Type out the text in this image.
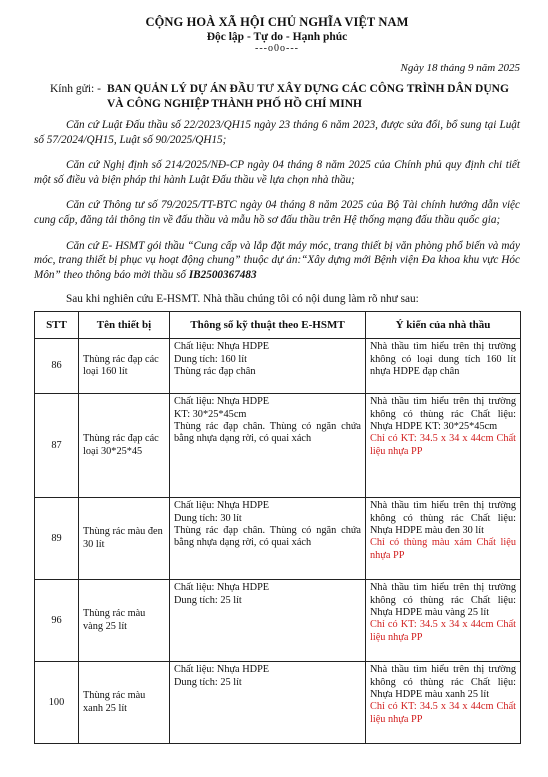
CỘNG HOÀ XÃ HỘI CHỦ NGHĨA VIỆT NAM
Độc lập - Tự do - Hạnh phúc
---o0o---
Ngày 18 tháng 9 năm 2025
Kính gửi: - BAN QUẢN LÝ DỰ ÁN ĐẦU TƯ XÂY DỰNG CÁC CÔNG TRÌNH DÂN DỤNG VÀ CÔNG NGHIỆP THÀNH PHỐ HỒ CHÍ MINH

Căn cứ Luật Đấu thầu số 22/2023/QH15 ngày 23 tháng 6 năm 2023, được sửa đổi, bổ sung tại Luật số 57/2024/QH15, Luật số 90/2025/QH15;

Căn cứ Nghị định số 214/2025/NĐ-CP ngày 04 tháng 8 năm 2025 của Chính phủ quy định chi tiết một số điều và biện pháp thi hành Luật Đấu thầu về lựa chọn nhà thầu;

Căn cứ Thông tư số 79/2025/TT-BTC ngày 04 tháng 8 năm 2025 của Bộ Tài chính hướng dẫn việc cung cấp, đăng tải thông tin về đấu thầu và mẫu hồ sơ đấu thầu trên Hệ thống mạng đấu thầu quốc gia;

Căn cứ E- HSMT gói thầu “Cung cấp và lắp đặt máy móc, trang thiết bị văn phòng phổ biến và máy móc, trang thiết bị phục vụ hoạt động chung” thuộc dự án:“Xây dựng mới Bệnh viện Đa khoa khu vực Hóc Môn” theo thông báo mời thầu số IB2500367483

Sau khi nghiên cứu E-HSMT. Nhà thầu chúng tôi có nội dung làm rõ như sau:
STT	Tên thiết bị	Thông số kỹ thuật theo E-HSMT	Ý kiến của nhà thầu
86	Thùng rác đạp các loại 160 lít	Chất liệu: Nhựa HDPE
Dung tích: 160 lít
Thùng rác đạp chân	Nhà thầu tìm hiểu trên thị trường không có loại dung tích 160 lít nhựa HDPE đạp chân
87	Thùng rác đạp các loại 30*25*45	Chất liệu: Nhựa HDPE
KT: 30*25*45cm
Thùng rác đạp chân. Thùng có ngăn chứa bằng nhựa dạng rời, có quai xách	Nhà thầu tìm hiểu trên thị trường không có thùng rác Chất liệu: Nhựa HDPE KT: 30*25*45cm
Chỉ có KT: 34.5 x 34 x 44cm Chất liệu nhựa PP

89	Thùng rác màu đen 30 lít	Chất liệu: Nhựa HDPE
Dung tích: 30 lít
Thùng rác đạp chân. Thùng có ngăn chứa bằng nhựa dạng rời, có quai xách	Nhà thầu tìm hiểu trên thị trường không có thùng rác Chất liệu: Nhựa HDPE màu đen 30 lít
Chỉ có thùng màu xám Chất liệu nhựa PP

96	Thùng rác màu vàng 25 lít	Chất liệu: Nhựa HDPE
Dung tích: 25 lít	Nhà thầu tìm hiểu trên thị trường không có thùng rác Chất liệu: Nhựa HDPE màu vàng 25 lít
Chỉ có KT: 34.5 x 34 x 44cm Chất liệu nhựa PP

100	Thùng rác màu xanh 25 lít	Chất liệu: Nhựa HDPE
Dung tích: 25 lít	Nhà thầu tìm hiểu trên thị trường không có thùng rác Chất liệu: Nhựa HDPE màu xanh 25 lít
Chỉ có KT: 34.5 x 34 x 44cm Chất liệu nhựa PP
